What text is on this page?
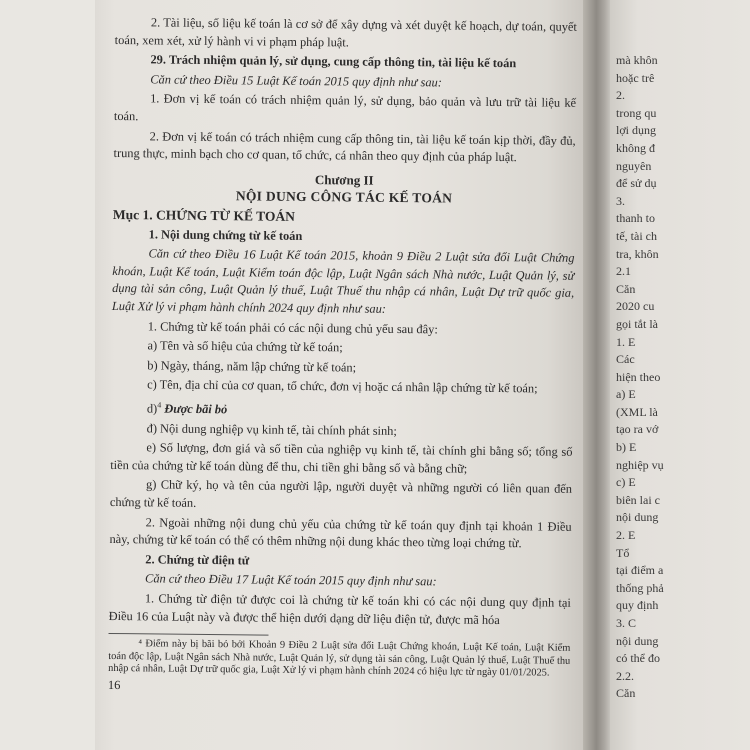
2. Tài liệu, số liệu kế toán là cơ sở để xây dựng và xét duyệt kế hoạch, dự toán, quyết toán, xem xét, xử lý hành vi vi phạm pháp luật.

29. Trách nhiệm quản lý, sử dụng, cung cấp thông tin, tài liệu kế toán

Căn cứ theo Điều 15 Luật Kế toán 2015 quy định như sau:

1. Đơn vị kế toán có trách nhiệm quản lý, sử dụng, bảo quản và lưu trữ tài liệu kế toán.

2. Đơn vị kế toán có trách nhiệm cung cấp thông tin, tài liệu kế toán kịp thời, đầy đủ, trung thực, minh bạch cho cơ quan, tổ chức, cá nhân theo quy định của pháp luật.

Chương II
NỘI DUNG CÔNG TÁC KẾ TOÁN
Mục 1. CHỨNG TỪ KẾ TOÁN

1. Nội dung chứng từ kế toán

Căn cứ theo Điều 16 Luật Kế toán 2015, khoản 9 Điều 2 Luật sửa đổi Luật Chứng khoán, Luật Kế toán, Luật Kiểm toán độc lập, Luật Ngân sách Nhà nước, Luật Quản lý, sử dụng tài sản công, Luật Quản lý thuế, Luật Thuế thu nhập cá nhân, Luật Dự trữ quốc gia, Luật Xử lý vi phạm hành chính 2024 quy định như sau:

1. Chứng từ kế toán phải có các nội dung chủ yếu sau đây:

a) Tên và số hiệu của chứng từ kế toán;

b) Ngày, tháng, năm lập chứng từ kế toán;

c) Tên, địa chỉ của cơ quan, tổ chức, đơn vị hoặc cá nhân lập chứng từ kế toán;

d)$^4$ Được bãi bỏ

đ) Nội dung nghiệp vụ kinh tế, tài chính phát sinh;

e) Số lượng, đơn giá và số tiền của nghiệp vụ kinh tế, tài chính ghi bằng số; tổng số tiền của chứng từ kế toán dùng để thu, chi tiền ghi bằng số và bằng chữ;

g) Chữ ký, họ và tên của người lập, người duyệt và những người có liên quan đến chứng từ kế toán.

2. Ngoài những nội dung chủ yếu của chứng từ kế toán quy định tại khoản 1 Điều này, chứng từ kế toán có thể có thêm những nội dung khác theo từng loại chứng từ.

2. Chứng từ điện tử

Căn cứ theo Điều 17 Luật Kế toán 2015 quy định như sau:

1. Chứng từ điện tử được coi là chứng từ kế toán khi có các nội dung quy định tại Điều 16 của Luật này và được thể hiện dưới dạng dữ liệu điện tử, được mã hóa

⁴ Điểm này bị bãi bỏ bởi Khoản 9 Điều 2 Luật sửa đổi Luật Chứng khoán, Luật Kế toán, Luật Kiểm toán độc lập, Luật Ngân sách Nhà nước, Luật Quản lý, sử dụng tài sản công, Luật Quản lý thuế, Luật Thuế thu nhập cá nhân, Luật Dự trữ quốc gia, Luật Xử lý vi phạm hành chính 2024 có hiệu lực từ ngày 01/01/2025.

16
mà khôn
hoặc trê
2.
trong qu
lợi dụng
không đ
nguyên
để sử dụ
3.
thanh to
tế, tài ch
tra, khôn
2.1
Căn
2020 cu
gọi tắt là
1. E
Các
hiện theo
a) E
(XML là
tạo ra vớ
b) E
nghiệp vụ
c) E
biên lai c
nội dung
2. E
Tổ
tại điểm a
thống phả
quy định
3. C
nội dung
có thể đo
2.2.
Căn
